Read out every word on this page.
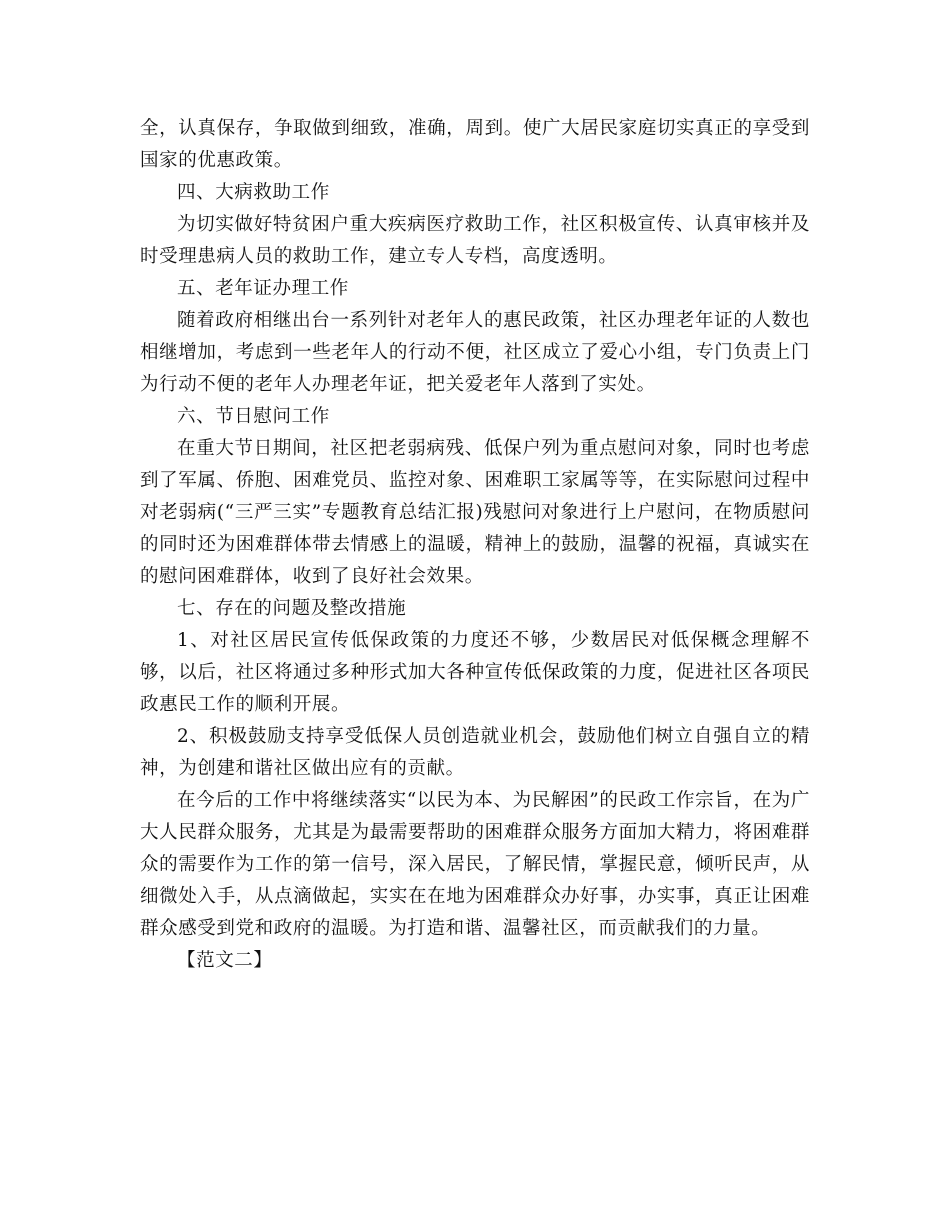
全，认真保存，争取做到细致，准确，周到。使广大居民家庭切实真正的享受到国家的优惠政策。

四、大病救助工作

为切实做好特贫困户重大疾病医疗救助工作，社区积极宣传、认真审核并及时受理患病人员的救助工作，建立专人专档，高度透明。

五、老年证办理工作

随着政府相继出台一系列针对老年人的惠民政策，社区办理老年证的人数也相继增加，考虑到一些老年人的行动不便，社区成立了爱心小组，专门负责上门为行动不便的老年人办理老年证，把关爱老年人落到了实处。

六、节日慰问工作

在重大节日期间，社区把老弱病残、低保户列为重点慰问对象，同时也考虑到了军属、侨胞、困难党员、监控对象、困难职工家属等等，在实际慰问过程中对老弱病(“三严三实”专题教育总结汇报)残慰问对象进行上户慰问，在物质慰问的同时还为困难群体带去情感上的温暖，精神上的鼓励，温馨的祝福，真诚实在的慰问困难群体，收到了良好社会效果。

七、存在的问题及整改措施

1、对社区居民宣传低保政策的力度还不够，少数居民对低保概念理解不够，以后，社区将通过多种形式加大各种宣传低保政策的力度，促进社区各项民政惠民工作的顺利开展。

2、积极鼓励支持享受低保人员创造就业机会，鼓励他们树立自强自立的精神，为创建和谐社区做出应有的贡献。

在今后的工作中将继续落实“以民为本、为民解困”的民政工作宗旨，在为广大人民群众服务，尤其是为最需要帮助的困难群众服务方面加大精力，将困难群众的需要作为工作的第一信号，深入居民，了解民情，掌握民意，倾听民声，从细微处入手，从点滴做起，实实在在地为困难群众办好事，办实事，真正让困难群众感受到党和政府的温暖。为打造和谐、温馨社区，而贡献我们的力量。

【范文二】
